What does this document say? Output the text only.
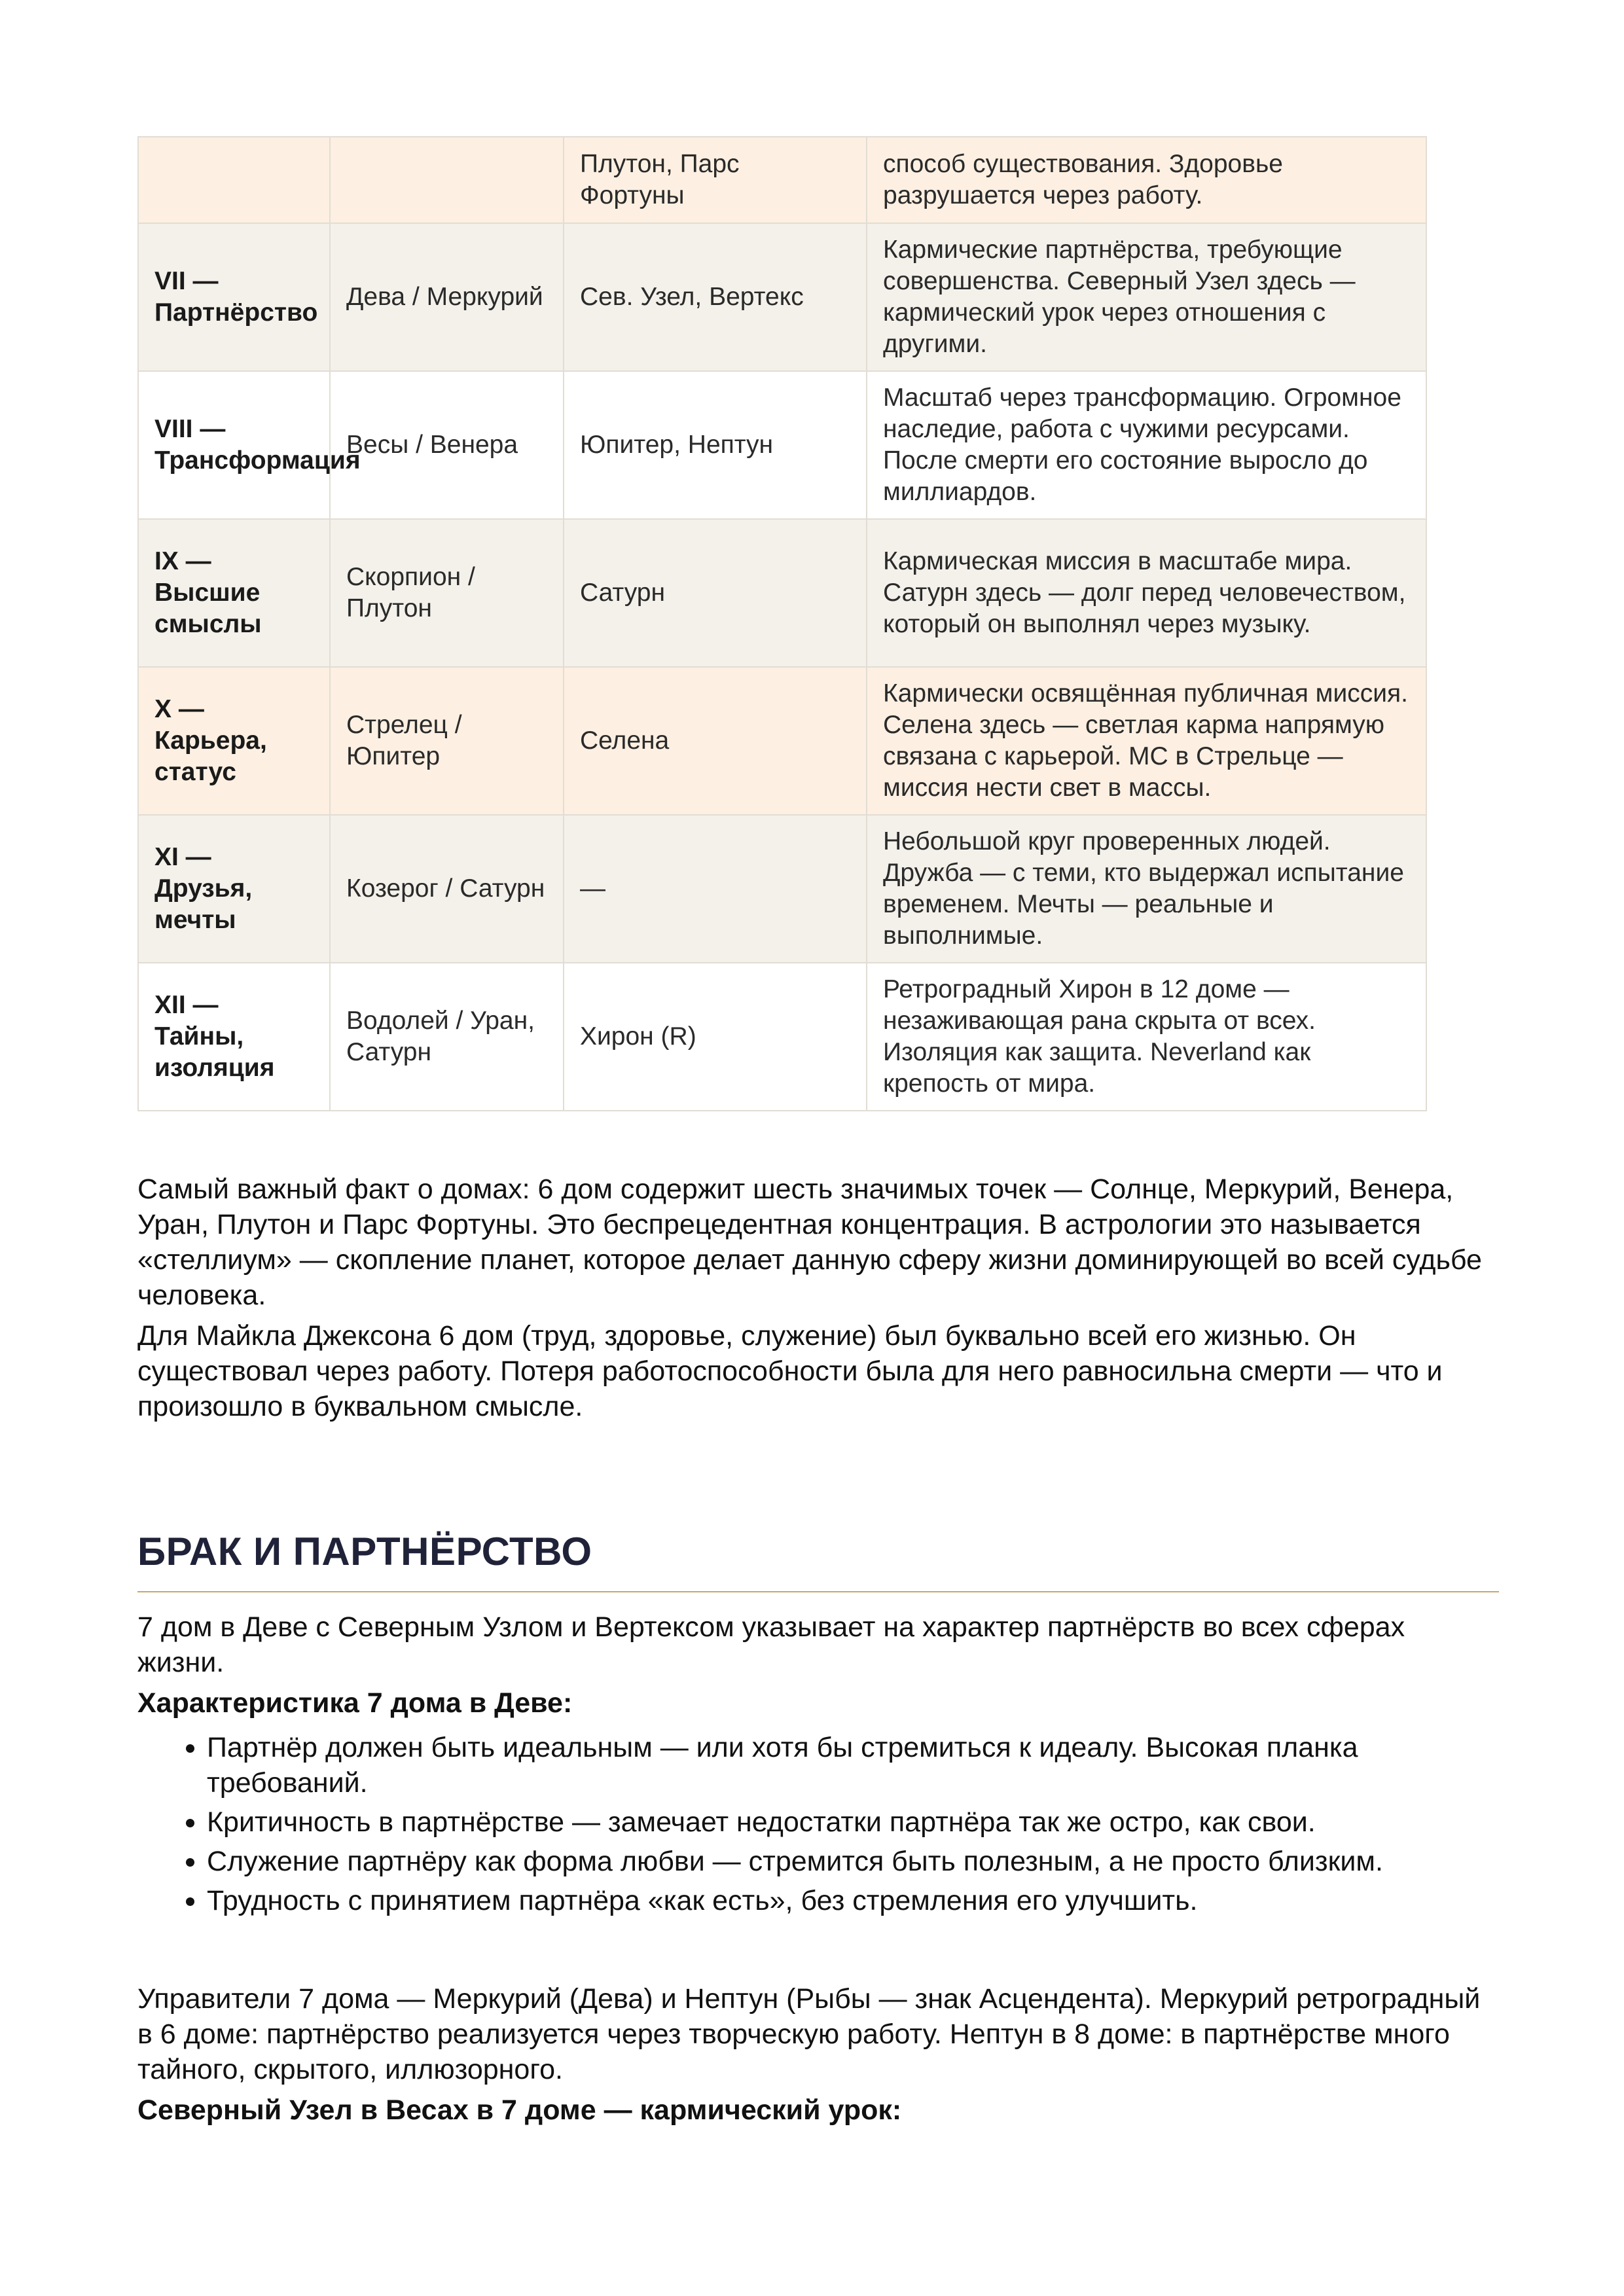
		Плутон, Парс Фортуны	способ существования. Здоровье разрушается через работу.
VII — Партнёрство	Дева / Меркурий	Сев. Узел, Вертекс	Кармические партнёрства, требующие совершенства. Северный Узел здесь — кармический урок через отношения с другими.
VIII — Трансформация	Весы / Венера	Юпитер, Нептун	Масштаб через трансформацию. Огромное наследие, работа с чужими ресурсами. После смерти его состояние выросло до миллиардов.
IX — Высшие смыслы	Скорпион / Плутон	Сатурн	Кармическая миссия в масштабе мира. Сатурн здесь — долг перед человечеством, который он выполнял через музыку.
X — Карьера, статус	Стрелец / Юпитер	Селена	Кармически освящённая публичная миссия. Селена здесь — светлая карма напрямую связана с карьерой. MC в Стрельце — миссия нести свет в массы.
XI — Друзья, мечты	Козерог / Сатурн	—	Небольшой круг проверенных людей. Дружба — с теми, кто выдержал испытание временем. Мечты — реальные и выполнимые.
XII — Тайны, изоляция	Водолей / Уран, Сатурн	Хирон (R)	Ретроградный Хирон в 12 доме — незаживающая рана скрыта от всех. Изоляция как защита. Neverland как крепость от мира.

Самый важный факт о домах: 6 дом содержит шесть значимых точек — Солнце, Меркурий, Венера, Уран, Плутон и Парс Фортуны. Это беспрецедентная концентрация. В астрологии это называется «стеллиум» — скопление планет, которое делает данную сферу жизни доминирующей во всей судьбе человека.

Для Майкла Джексона 6 дом (труд, здоровье, служение) был буквально всей его жизнью. Он существовал через работу. Потеря работоспособности была для него равносильна смерти — что и произошло в буквальном смысле.

БРАК И ПАРТНЁРСТВО

7 дом в Деве с Северным Узлом и Вертексом указывает на характер партнёрств во всех сферах жизни.

Характеристика 7 дома в Деве:

• Партнёр должен быть идеальным — или хотя бы стремиться к идеалу. Высокая планка требований.
• Критичность в партнёрстве — замечает недостатки партнёра так же остро, как свои.
• Служение партнёру как форма любви — стремится быть полезным, а не просто близким.
• Трудность с принятием партнёра «как есть», без стремления его улучшить.

Управители 7 дома — Меркурий (Дева) и Нептун (Рыбы — знак Асцендента). Меркурий ретроградный в 6 доме: партнёрство реализуется через творческую работу. Нептун в 8 доме: в партнёрстве много тайного, скрытого, иллюзорного.

Северный Узел в Весах в 7 доме — кармический урок:
